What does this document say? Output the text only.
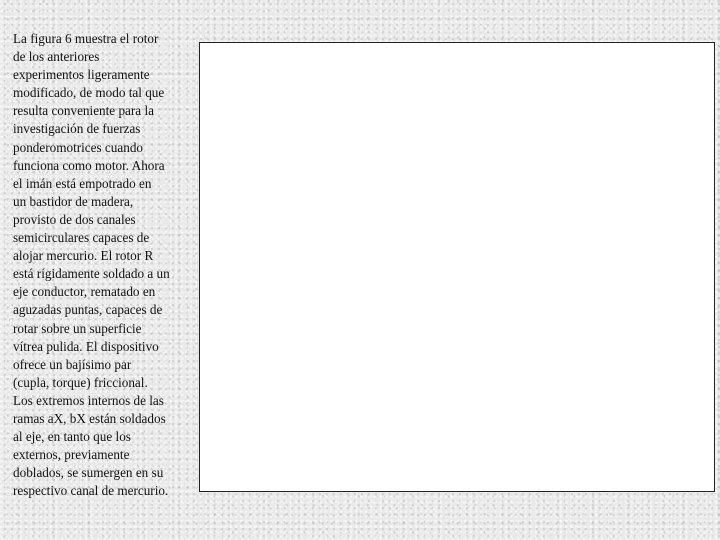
La figura 6 muestra el rotor
de los anteriores
experimentos ligeramente
modificado, de modo tal que
resulta conveniente para la
investigación de fuerzas
ponderomotrices cuando
funciona como motor. Ahora
el imán está empotrado en
un bastidor de madera,
provisto de dos canales
semicirculares capaces de
alojar mercurio. El rotor R
está rígidamente soldado a un
eje conductor, rematado en
aguzadas puntas, capaces de
rotar sobre un superficie
vítrea pulida. El dispositivo
ofrece un bajísimo par
(cupla, torque) friccional.
Los extremos internos de las
ramas aX, bX están soldados
al eje, en tanto que los
externos, previamente
doblados, se sumergen en su
respectivo canal de mercurio.
